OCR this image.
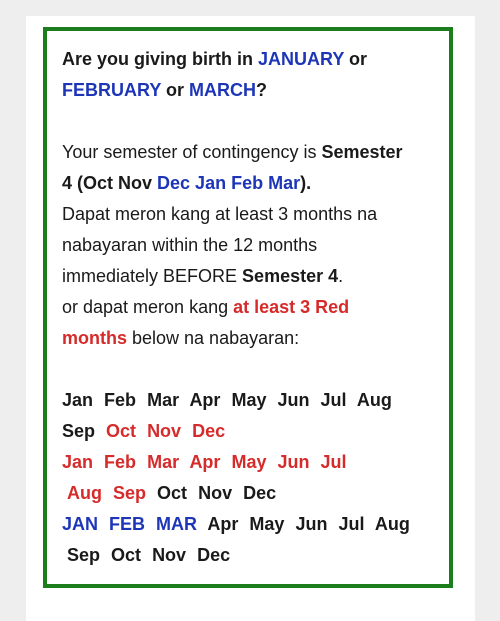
Are you giving birth in JANUARY or
FEBRUARY or MARCH?
Your semester of contingency is Semester
4 (Oct Nov Dec Jan Feb Mar).
Dapat meron kang at least 3 months na
nabayaran within the 12 months
immediately BEFORE Semester 4.
or dapat meron kang at least 3 Red
months below na nabayaran:
Jan Feb Mar Apr May Jun Jul Aug
Sep Oct Nov Dec
Jan Feb Mar Apr May Jun Jul
Aug Sep Oct Nov Dec
JAN FEB MAR Apr May Jun Jul Aug
Sep Oct Nov Dec
